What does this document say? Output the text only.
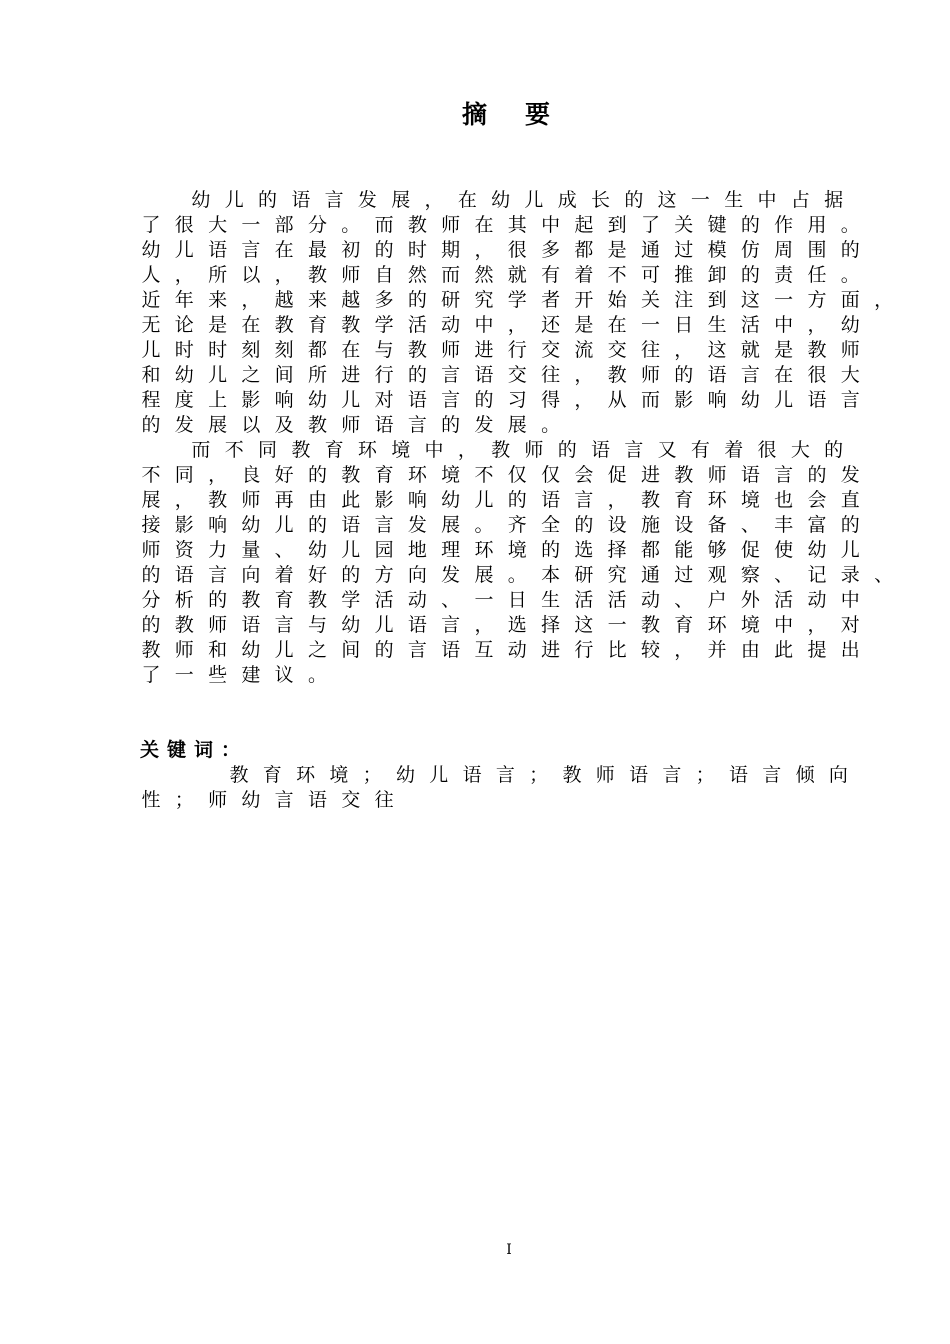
摘要
幼 儿 的 语 言 发 展 ， 在 幼 儿 成 长 的 这 一 生 中 占 据
了 很 大 一 部 分 。 而 教 师 在 其 中 起 到 了 关 键 的 作 用 。
幼 儿 语 言 在 最 初 的 时 期 ， 很 多 都 是 通 过 模 仿 周 围 的
人 ， 所 以 ， 教 师 自 然 而 然 就 有 着 不 可 推 卸 的 责 任 。
近 年 来 ， 越 来 越 多 的 研 究 学 者 开 始 关 注 到 这 一 方 面 ，
无 论 是 在 教 育 教 学 活 动 中 ， 还 是 在 一 日 生 活 中 ， 幼
儿 时 时 刻 刻 都 在 与 教 师 进 行 交 流 交 往 ， 这 就 是 教 师
和 幼 儿 之 间 所 进 行 的 言 语 交 往 ， 教 师 的 语 言 在 很 大
程 度 上 影 响 幼 儿 对 语 言 的 习 得 ， 从 而 影 响 幼 儿 语 言
的 发 展 以 及 教 师 语 言 的 发 展 。
而 不 同 教 育 环 境 中 ， 教 师 的 语 言 又 有 着 很 大 的
不 同 ， 良 好 的 教 育 环 境 不 仅 仅 会 促 进 教 师 语 言 的 发
展 ， 教 师 再 由 此 影 响 幼 儿 的 语 言 ， 教 育 环 境 也 会 直
接 影 响 幼 儿 的 语 言 发 展 。 齐 全 的 设 施 设 备 、 丰 富 的
师 资 力 量 、 幼 儿 园 地 理 环 境 的 选 择 都 能 够 促 使 幼 儿
的 语 言 向 着 好 的 方 向 发 展 。 本 研 究 通 过 观 察 、 记 录 、
分 析 的 教 育 教 学 活 动 、 一 日 生 活 活 动 、 户 外 活 动 中
的 教 师 语 言 与 幼 儿 语 言 ， 选 择 这 一 教 育 环 境 中 ， 对
教 师 和 幼 儿 之 间 的 言 语 互 动 进 行 比 较 ， 并 由 此 提 出
了 一 些 建 议 。
关键词：
教 育 环 境 ； 幼 儿 语 言 ； 教 师 语 言 ； 语 言 倾 向
性 ； 师 幼 言 语 交 往
I
